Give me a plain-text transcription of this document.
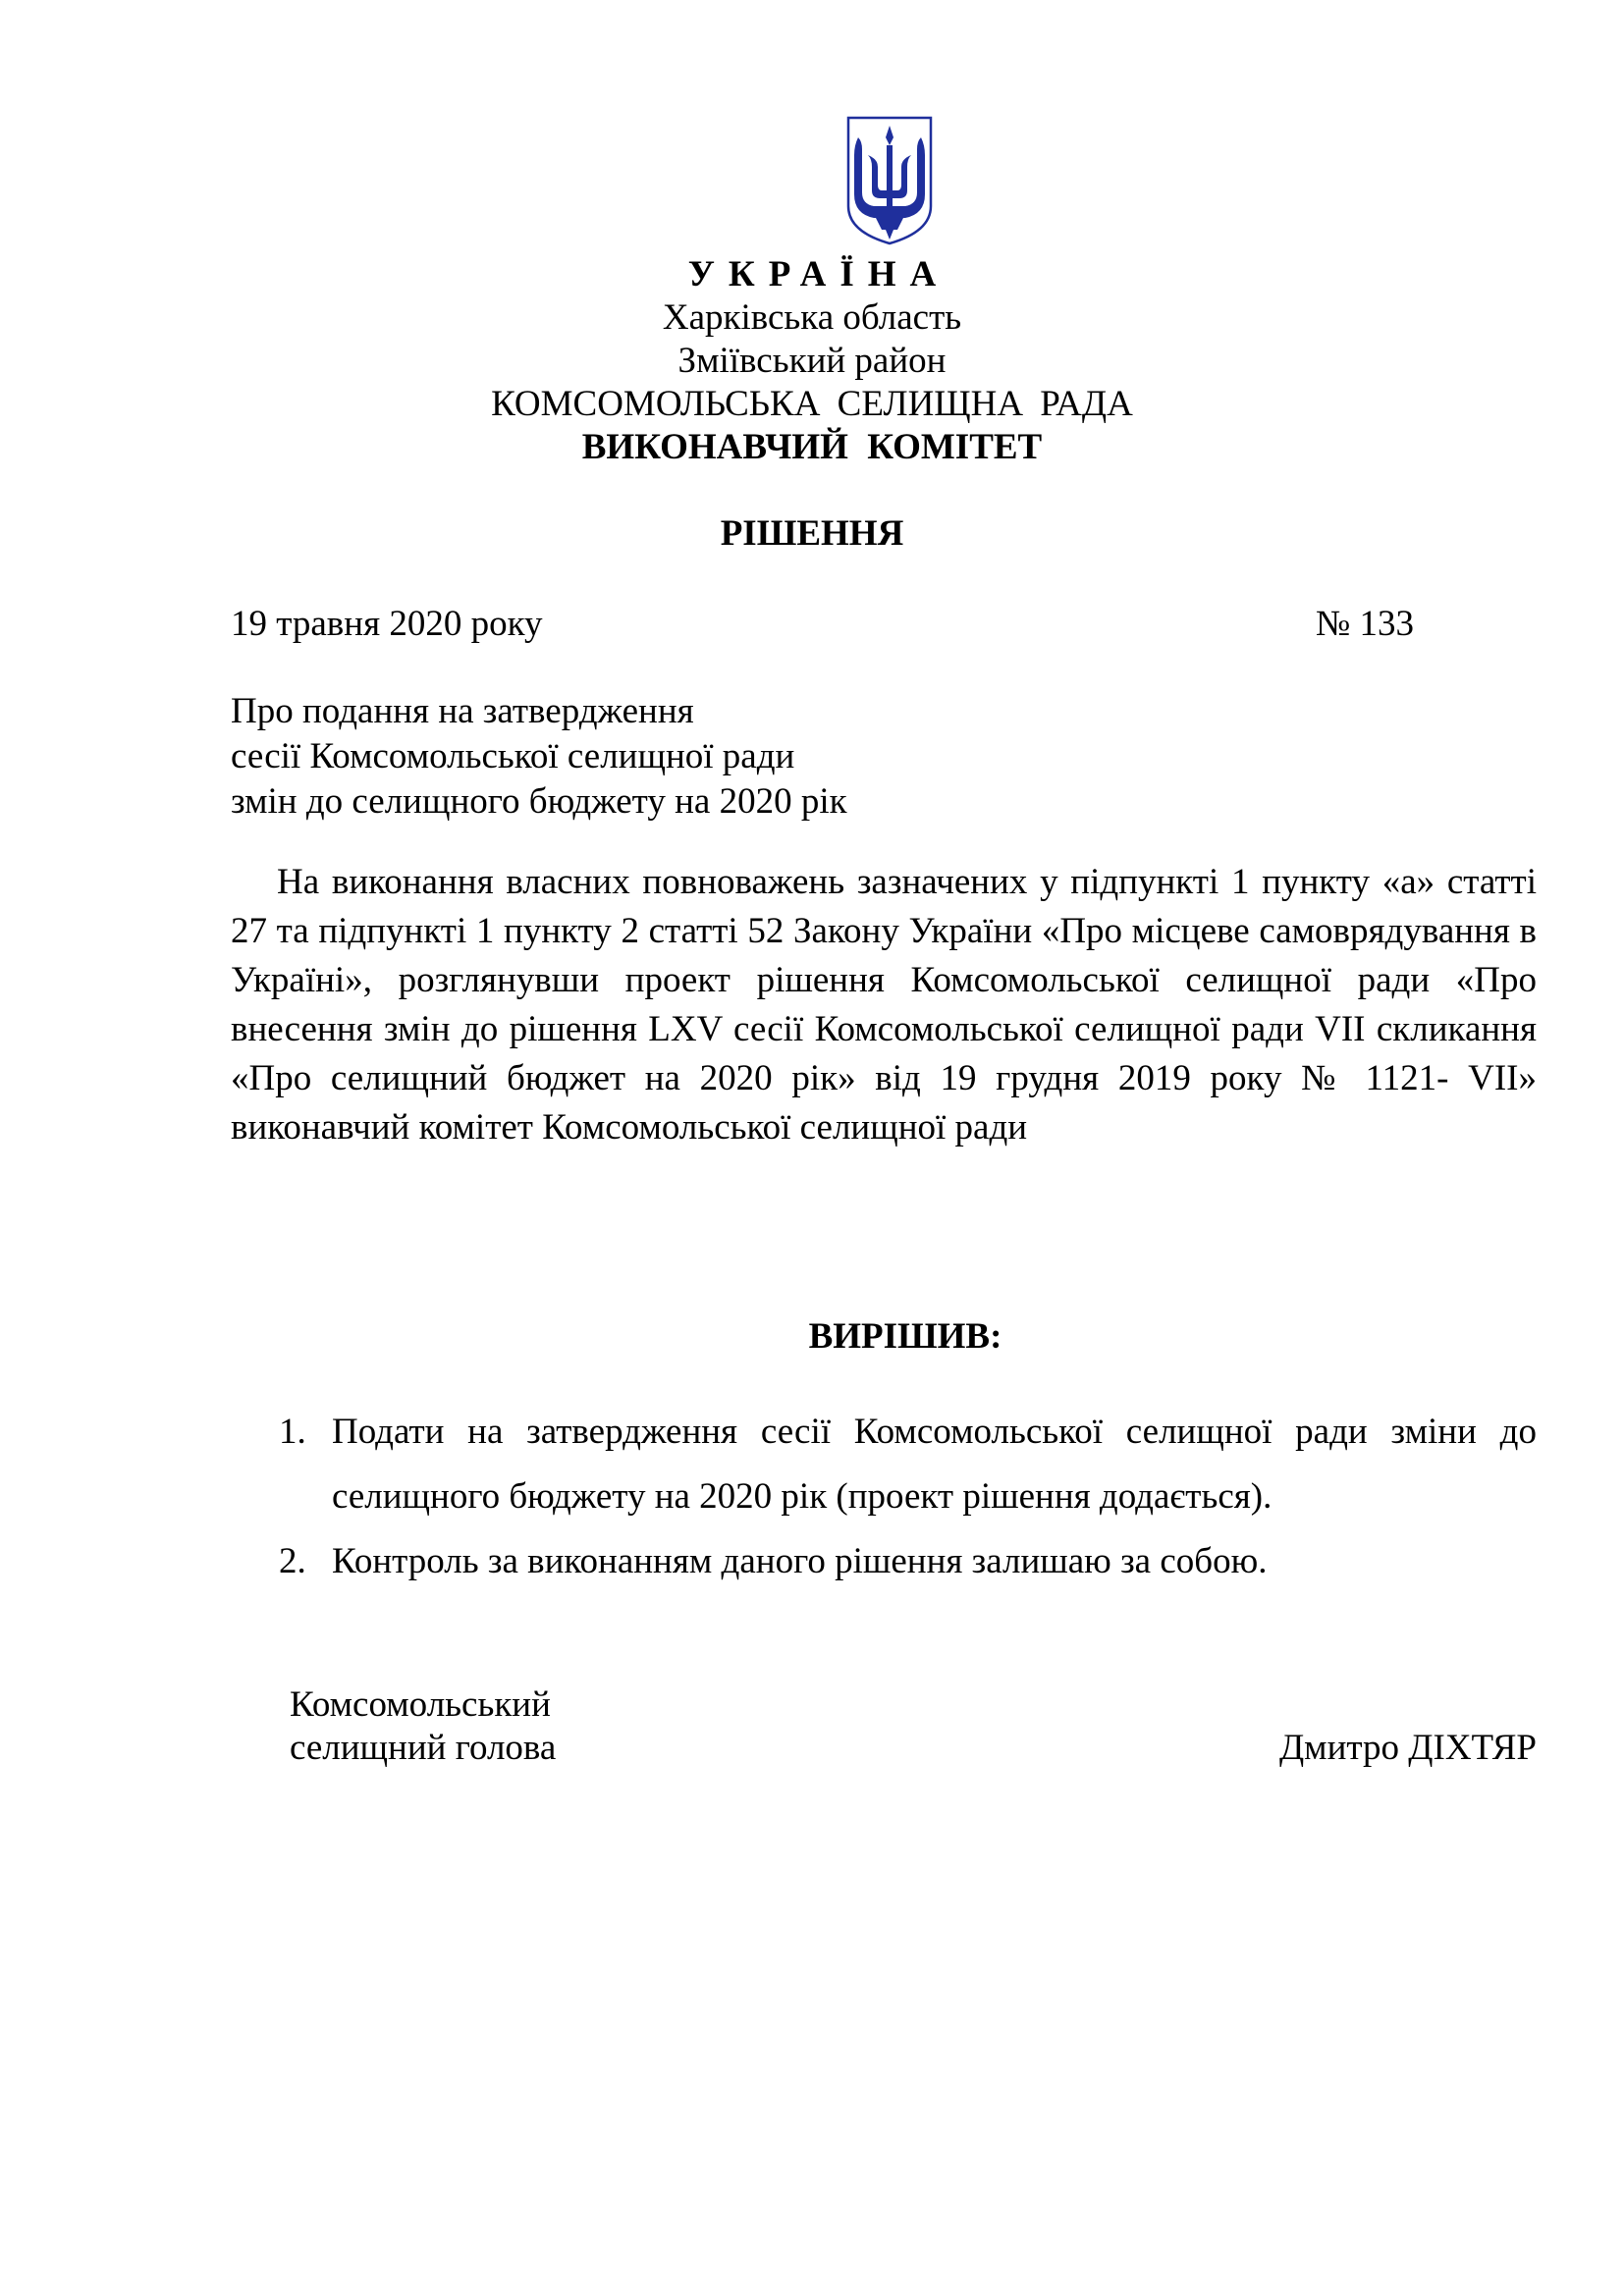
УКРАЇНА
Харківська область
Зміївський район
КОМСОМОЛЬСЬКА СЕЛИЩНА РАДА
ВИКОНАВЧИЙ КОМІТЕТ
РІШЕННЯ
19 травня 2020 року	№ 133
Про подання на затвердження
сесії Комсомольської селищної ради
змін до селищного бюджету на 2020 рік

На виконання власних повноважень зазначених у підпункті 1 пункту «а» статті 27 та підпункті 1 пункту 2 статті 52 Закону України «Про місцеве самоврядування в Україні», розглянувши проект рішення Комсомольської селищної ради «Про внесення змін до рішення LXV сесії Комсомольської селищної ради VII скликання «Про селищний бюджет на 2020 рік» від 19 грудня 2019 року № 1121- VII» виконавчий комітет Комсомольської селищної ради

ВИРІШИВ:
1. Подати на затвердження сесії Комсомольської селищної ради зміни до селищного бюджету на 2020 рік (проект рішення додається).
2. Контроль за виконанням даного рішення залишаю за собою.
Комсомольський
селищний голова	Дмитро ДІХТЯР
